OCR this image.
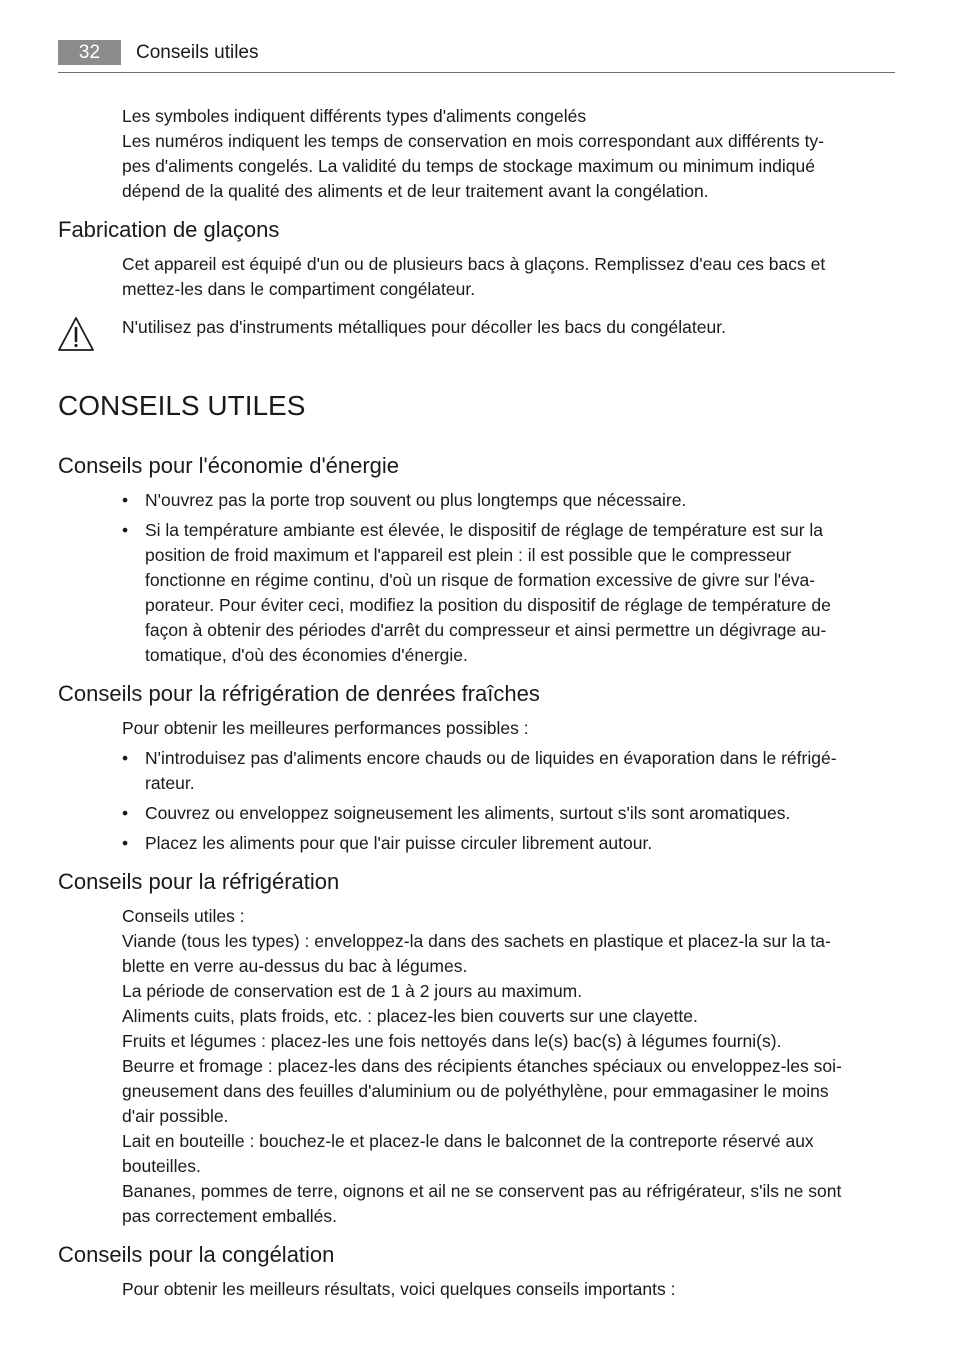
32	Conseils utiles
Les symboles indiquent différents types d'aliments congelés
Les numéros indiquent les temps de conservation en mois correspondant aux différents ty-
pes d'aliments congelés. La validité du temps de stockage maximum ou minimum indiqué
dépend de la qualité des aliments et de leur traitement avant la congélation.
Fabrication de glaçons
Cet appareil est équipé d'un ou de plusieurs bacs à glaçons. Remplissez d'eau ces bacs et
mettez-les dans le compartiment congélateur.
N'utilisez pas d'instruments métalliques pour décoller les bacs du congélateur.
CONSEILS UTILES
Conseils pour l'économie d'énergie
• N'ouvrez pas la porte trop souvent ou plus longtemps que nécessaire.
• Si la température ambiante est élevée, le dispositif de réglage de température est sur la
position de froid maximum et l'appareil est plein : il est possible que le compresseur
fonctionne en régime continu, d'où un risque de formation excessive de givre sur l'éva-
porateur. Pour éviter ceci, modifiez la position du dispositif de réglage de température de
façon à obtenir des périodes d'arrêt du compresseur et ainsi permettre un dégivrage au-
tomatique, d'où des économies d'énergie.
Conseils pour la réfrigération de denrées fraîches
Pour obtenir les meilleures performances possibles :
• N'introduisez pas d'aliments encore chauds ou de liquides en évaporation dans le réfrigé-
rateur.
• Couvrez ou enveloppez soigneusement les aliments, surtout s'ils sont aromatiques.
• Placez les aliments pour que l'air puisse circuler librement autour.
Conseils pour la réfrigération
Conseils utiles :
Viande (tous les types) : enveloppez-la dans des sachets en plastique et placez-la sur la ta-
blette en verre au-dessus du bac à légumes.
La période de conservation est de 1 à 2 jours au maximum.
Aliments cuits, plats froids, etc. : placez-les bien couverts sur une clayette.
Fruits et légumes : placez-les une fois nettoyés dans le(s) bac(s) à légumes fourni(s).
Beurre et fromage : placez-les dans des récipients étanches spéciaux ou enveloppez-les soi-
gneusement dans des feuilles d'aluminium ou de polyéthylène, pour emmagasiner le moins
d'air possible.
Lait en bouteille : bouchez-le et placez-le dans le balconnet de la contreporte réservé aux
bouteilles.
Bananes, pommes de terre, oignons et ail ne se conservent pas au réfrigérateur, s'ils ne sont
pas correctement emballés.
Conseils pour la congélation
Pour obtenir les meilleurs résultats, voici quelques conseils importants :
